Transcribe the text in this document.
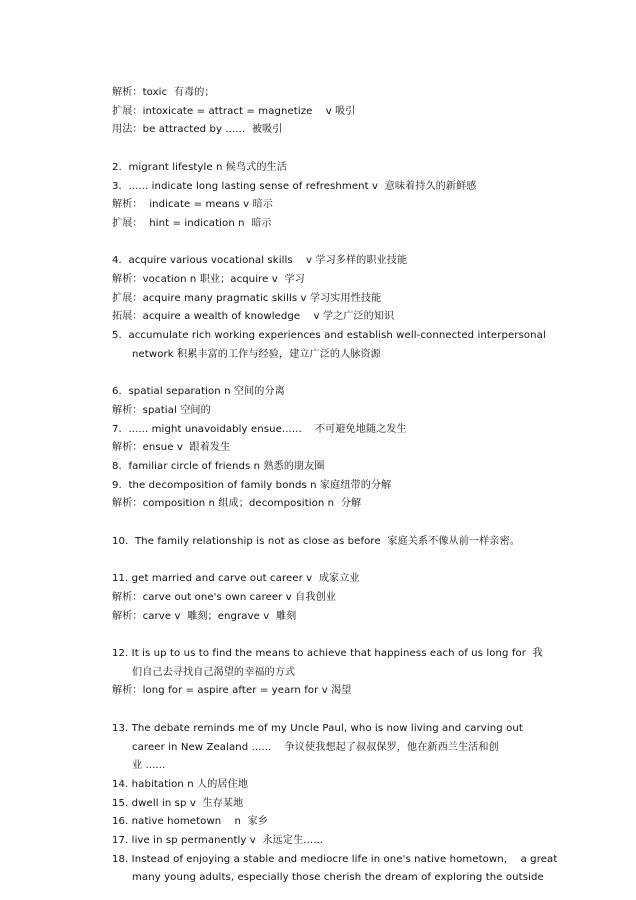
解析：toxic  有毒的；
扩展：intoxicate = attract = magnetize    v 吸引
用法：be attracted by ......  被吸引
2.  migrant lifestyle n 候鸟式的生活
3.  ...... indicate long lasting sense of refreshment v  意味着持久的新鲜感
解析：  indicate = means v 暗示
扩展：  hint = indication n  暗示
4.  acquire various vocational skills    v 学习多样的职业技能
解析：vocation n 职业；acquire v  学习
扩展：acquire many pragmatic skills v 学习实用性技能
拓展：acquire a wealth of knowledge    v 学之广泛的知识
5.  accumulate rich working experiences and establish well-connected interpersonal
network 积累丰富的工作与经验，建立广泛的人脉资源
6.  spatial separation n 空间的分离
解析：spatial 空间的
7.  ...... might unavoidably ensue......    不可避免地随之发生
解析：ensue v  跟着发生
8.  familiar circle of friends n 熟悉的朋友圈
9.  the decomposition of family bonds n 家庭纽带的分解
解析：composition n 组成；decomposition n  分解
10.  The family relationship is not as close as before  家庭关系不像从前一样亲密。
11. get married and carve out career v  成家立业
解析：carve out one's own career v 自我创业
解析：carve v  雕刻；engrave v  雕刻
12. It is up to us to find the means to achieve that happiness each of us long for  我
们自己去寻找自己渴望的幸福的方式
解析：long for = aspire after = yearn for v 渴望
13. The debate reminds me of my Uncle Paul, who is now living and carving out
career in New Zealand ......    争议使我想起了叔叔保罗，他在新西兰生活和创
业 ......
14. habitation n 人的居住地
15. dwell in sp v  生存某地
16. native hometown    n  家乡
17. live in sp permanently v  永远定生......
18. Instead of enjoying a stable and mediocre life in one's native hometown，  a great
many young adults, especially those cherish the dream of exploring the outside
